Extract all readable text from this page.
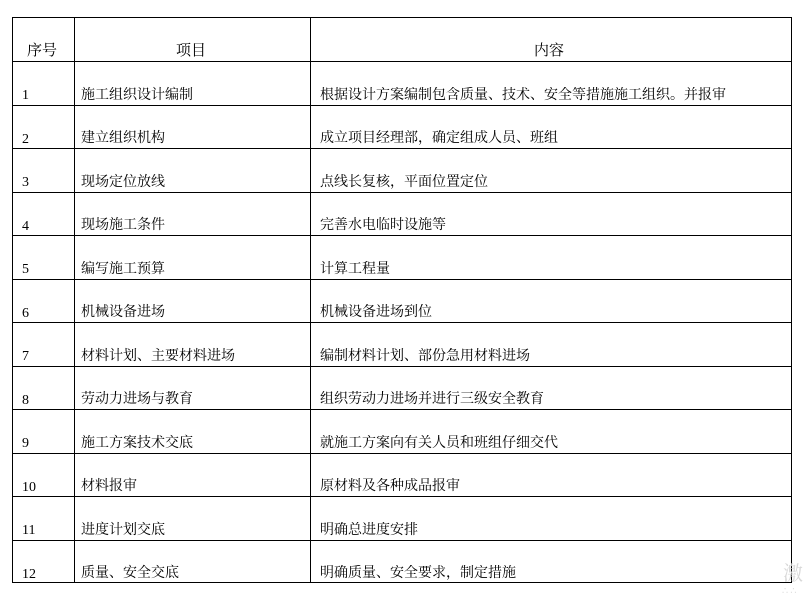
序号	项目	内容
1	施工组织设计编制	根据设计方案编制包含质量、技术、安全等措施施工组织。并报审
2	建立组织机构	成立项目经理部，确定组成人员、班组
3	现场定位放线	点线长复核，平面位置定位
4	现场施工条件	完善水电临时设施等
5	编写施工预算	计算工程量
6	机械设备进场	机械设备进场到位
7	材料计划、主要材料进场	编制材料计划、部份急用材料进场
8	劳动力进场与教育	组织劳动力进场并进行三级安全教育
9	施工方案技术交底	就施工方案向有关人员和班组仔细交代
10	材料报审	原材料及各种成品报审
11	进度计划交底	明确总进度安排
12	质量、安全交底	明确质量、安全要求，制定措施	激
∴∴
